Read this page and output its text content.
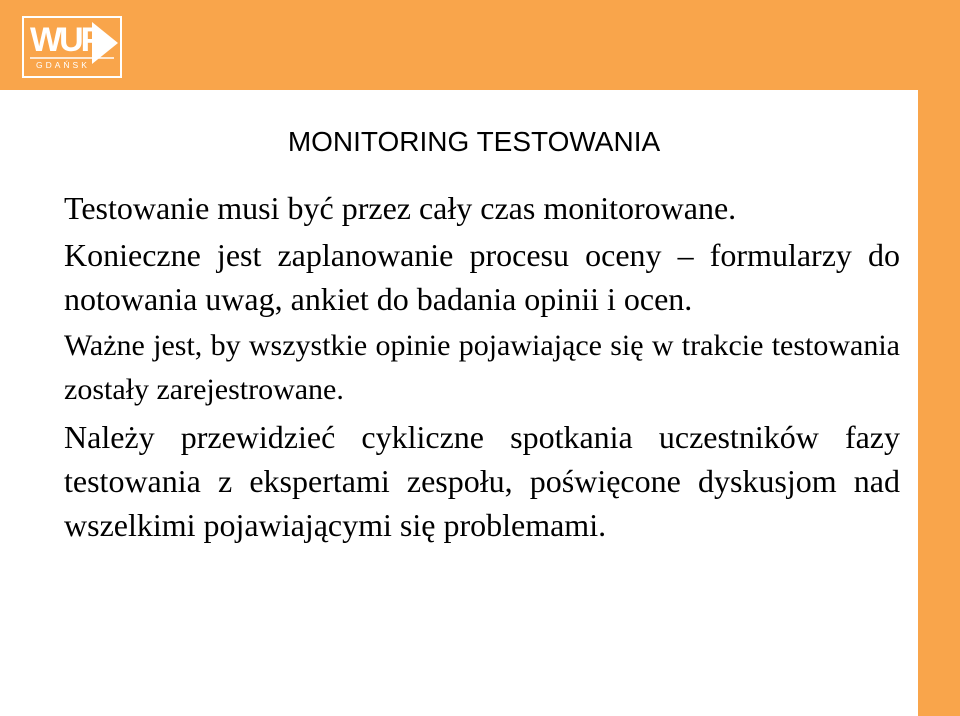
WUP
GDAŃSK
MONITORING TESTOWANIA

Testowanie musi być przez cały czas monitorowane.

Konieczne jest zaplanowanie procesu oceny – formularzy do notowania uwag, ankiet do badania opinii i ocen.

Ważne jest, by wszystkie opinie pojawiające się w trakcie testowania zostały zarejestrowane.

Należy przewidzieć cykliczne spotkania uczestników fazy testowania z ekspertami zespołu, poświęcone dyskusjom nad wszelkimi pojawiającymi się problemami.
